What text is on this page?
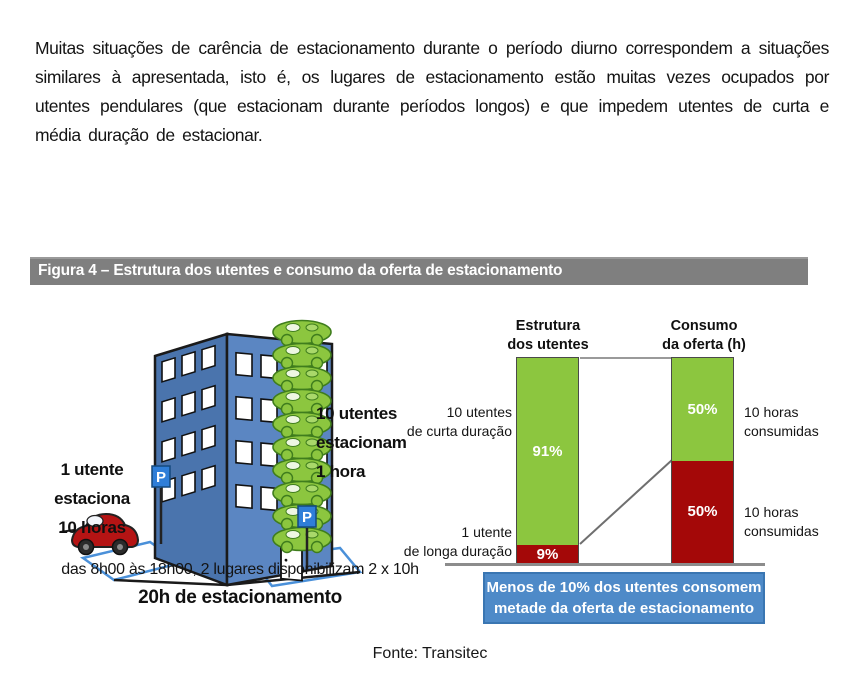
Muitas situações de carência de estacionamento durante o período diurno correspondem a situações similares à apresentada, isto é, os lugares de estacionamento estão muitas vezes ocupados por utentes pendulares (que estacionam durante períodos longos) e que impedem utentes de curta e média duração de estacionar.
Figura 4 – Estrutura dos utentes e consumo da oferta de estacionamento
P
P
1 utente
estaciona
10 horas
10 utentes
estacionam
1 hora
das 8h00 às 18h00, 2 lugares disponibilizam 2 x 10h
20h de estacionamento
Estrutura
dos utentes
Consumo
da oferta (h)
91%
9%
50%
50%
10 utentes
de curta duração
1 utente
de longa duração
10 horas
consumidas
10 horas
consumidas
Menos de 10% dos utentes consomem
metade da oferta de estacionamento
Fonte: Transitec
